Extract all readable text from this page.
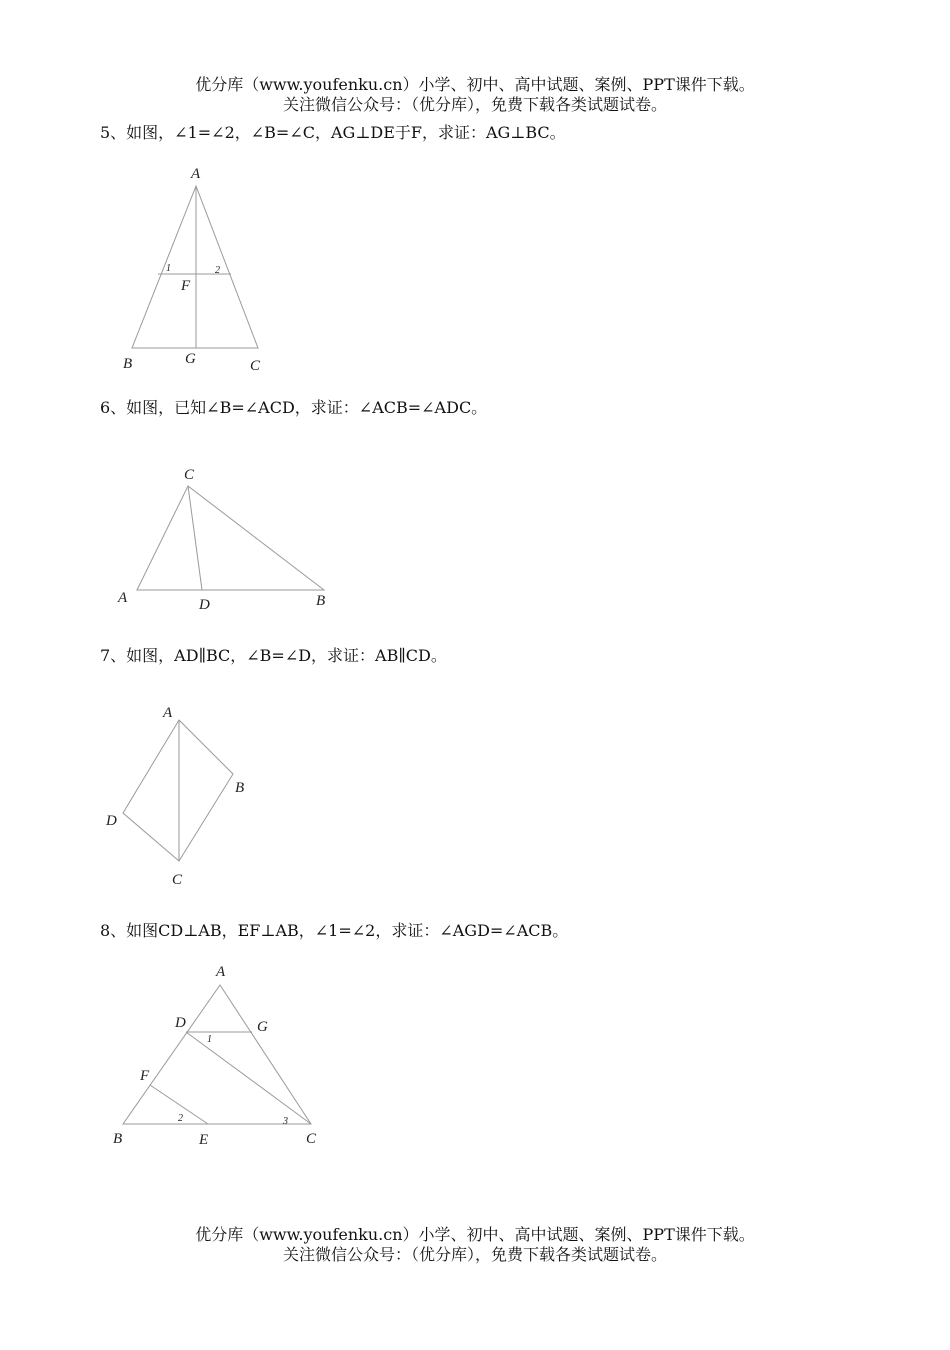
优分库（www.youfenku.cn）小学、初中、高中试题、案例、PPT课件下载。
关注微信公众号：（优分库），免费下载各类试题试卷。
5、如图，∠1=∠2，∠B=∠C，AG⊥DE于F，求证：AG⊥BC。
A
B	C
F
G
1	2
6、如图，已知∠B=∠ACD，求证：∠ACB=∠ADC。
C
A	D	B
7、如图，AD∥BC，∠B=∠D，求证：AB∥CD。
A
B
D
C
8、如图CD⊥AB，EF⊥AB，∠1=∠2，求证：∠AGD=∠ACB。
A
D	G
F
B	E	C
1
2	3
优分库（www.youfenku.cn）小学、初中、高中试题、案例、PPT课件下载。
关注微信公众号：（优分库），免费下载各类试题试卷。
